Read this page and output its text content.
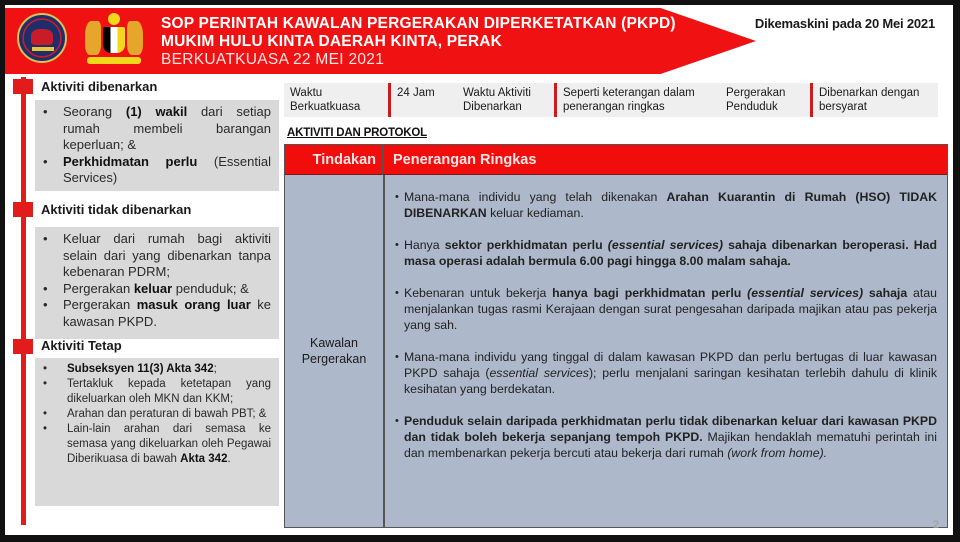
SOP PERINTAH KAWALAN PERGERAKAN DIPERKETATKAN (PKPD)
MUKIM HULU KINTA DAERAH KINTA, PERAK
BERKUATKUASA 22 MEI 2021
Dikemaskini pada 20 Mei 2021
Aktiviti dibenarkan
• Seorang (1) wakil dari setiap rumah membeli barangan keperluan; &
• Perkhidmatan perlu (Essential Services)
Aktiviti tidak dibenarkan
• Keluar dari rumah bagi aktiviti selain dari yang dibenarkan tanpa kebenaran PDRM;
• Pergerakan keluar penduduk; &
• Pergerakan masuk orang luar ke kawasan PKPD.
Aktiviti Tetap
• Subseksyen 11(3) Akta 342;
• Tertakluk kepada ketetapan yang dikeluarkan oleh MKN dan KKM;
• Arahan dan peraturan di bawah PBT; &
• Lain-lain arahan dari semasa ke semasa yang dikeluarkan oleh Pegawai Diberikuasa di bawah Akta 342.
Waktu Berkuatkuasa
24 Jam	Waktu Aktiviti Dibenarkan
Seperti keterangan dalam penerangan ringkas
Pergerakan Penduduk
Dibenarkan dengan bersyarat
AKTIVITI DAN PROTOKOL
Tindakan	Penerangan Ringkas
Kawalan Pergerakan
• Mana-mana individu yang telah dikenakan Arahan Kuarantin di Rumah (HSO) TIDAK DIBENARKAN keluar kediaman.
• Hanya sektor perkhidmatan perlu (essential services) sahaja dibenarkan beroperasi. Had masa operasi adalah bermula 6.00 pagi hingga 8.00 malam sahaja.
• Kebenaran untuk bekerja hanya bagi perkhidmatan perlu (essential services) sahaja atau menjalankan tugas rasmi Kerajaan dengan surat pengesahan daripada majikan atau pas pekerja yang sah.
• Mana-mana individu yang tinggal di dalam kawasan PKPD dan perlu bertugas di luar kawasan PKPD sahaja (essential services); perlu menjalani saringan kesihatan terlebih dahulu di klinik kesihatan yang berdekatan.
• Penduduk selain daripada perkhidmatan perlu tidak dibenarkan keluar dari kawasan PKPD dan tidak boleh bekerja sepanjang tempoh PKPD. Majikan hendaklah mematuhi perintah ini dan membenarkan pekerja bercuti atau bekerja dari rumah (work from home).
2
